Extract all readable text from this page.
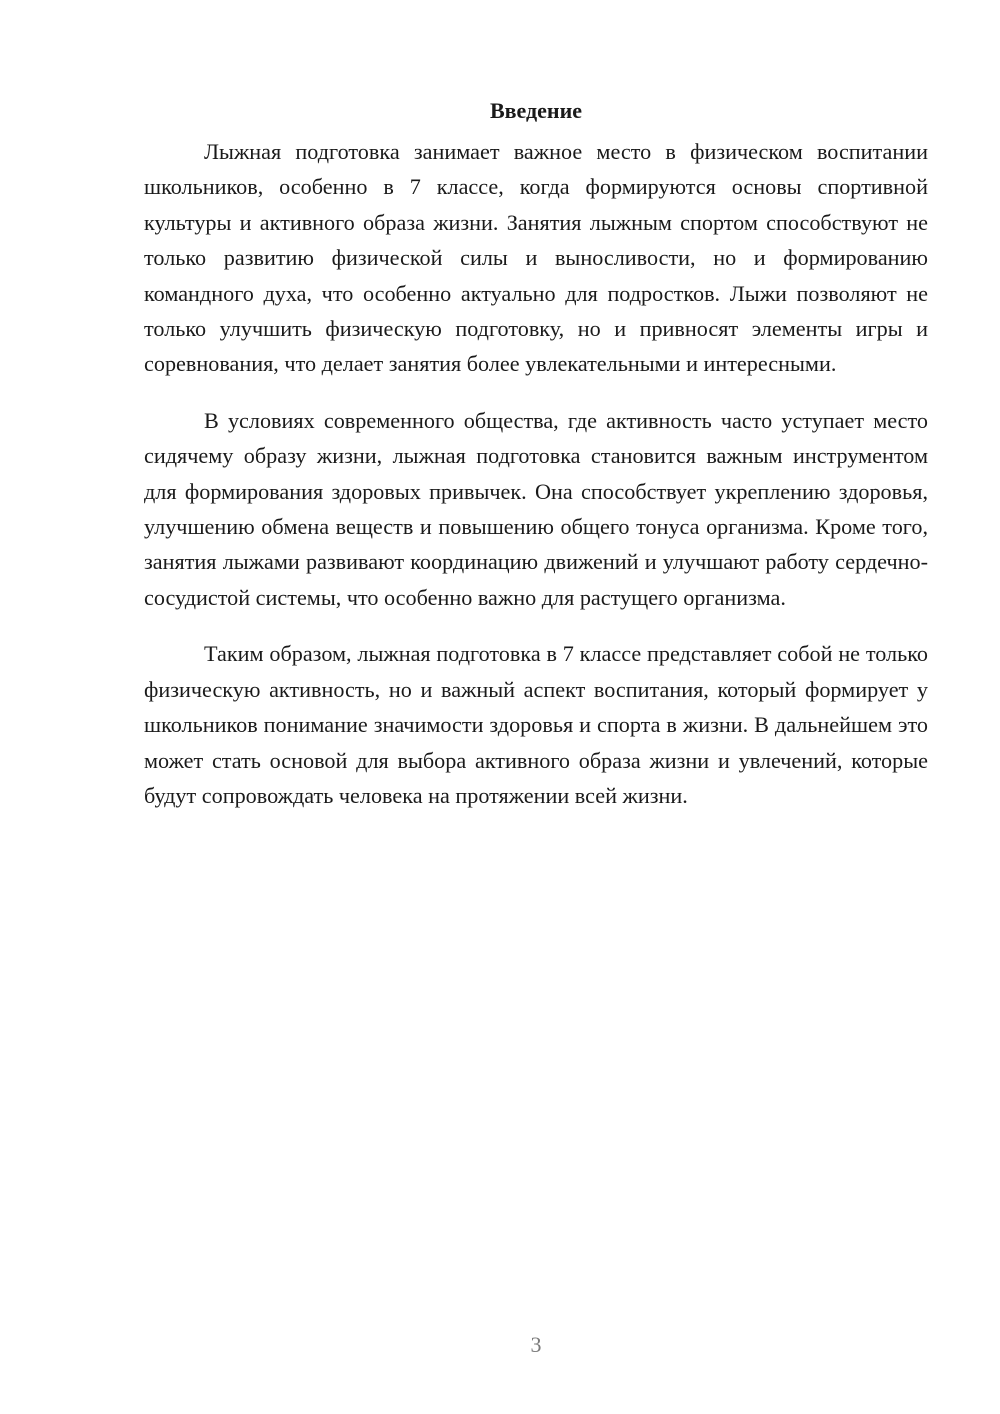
Введение

Лыжная подготовка занимает важное место в физическом воспитании школьников, особенно в 7 классе, когда формируются основы спортивной культуры и активного образа жизни. Занятия лыжным спортом способствуют не только развитию физической силы и выносливости, но и формированию командного духа, что особенно актуально для подростков. Лыжи позволяют не только улучшить физическую подготовку, но и привносят элементы игры и соревнования, что делает занятия более увлекательными и интересными.

В условиях современного общества, где активность часто уступает место сидячему образу жизни, лыжная подготовка становится важным инструментом для формирования здоровых привычек. Она способствует укреплению здоровья, улучшению обмена веществ и повышению общего тонуса организма. Кроме того, занятия лыжами развивают координацию движений и улучшают работу сердечно-сосудистой системы, что особенно важно для растущего организма.

Таким образом, лыжная подготовка в 7 классе представляет собой не только физическую активность, но и важный аспект воспитания, который формирует у школьников понимание значимости здоровья и спорта в жизни. В дальнейшем это может стать основой для выбора активного образа жизни и увлечений, которые будут сопровождать человека на протяжении всей жизни.

3
